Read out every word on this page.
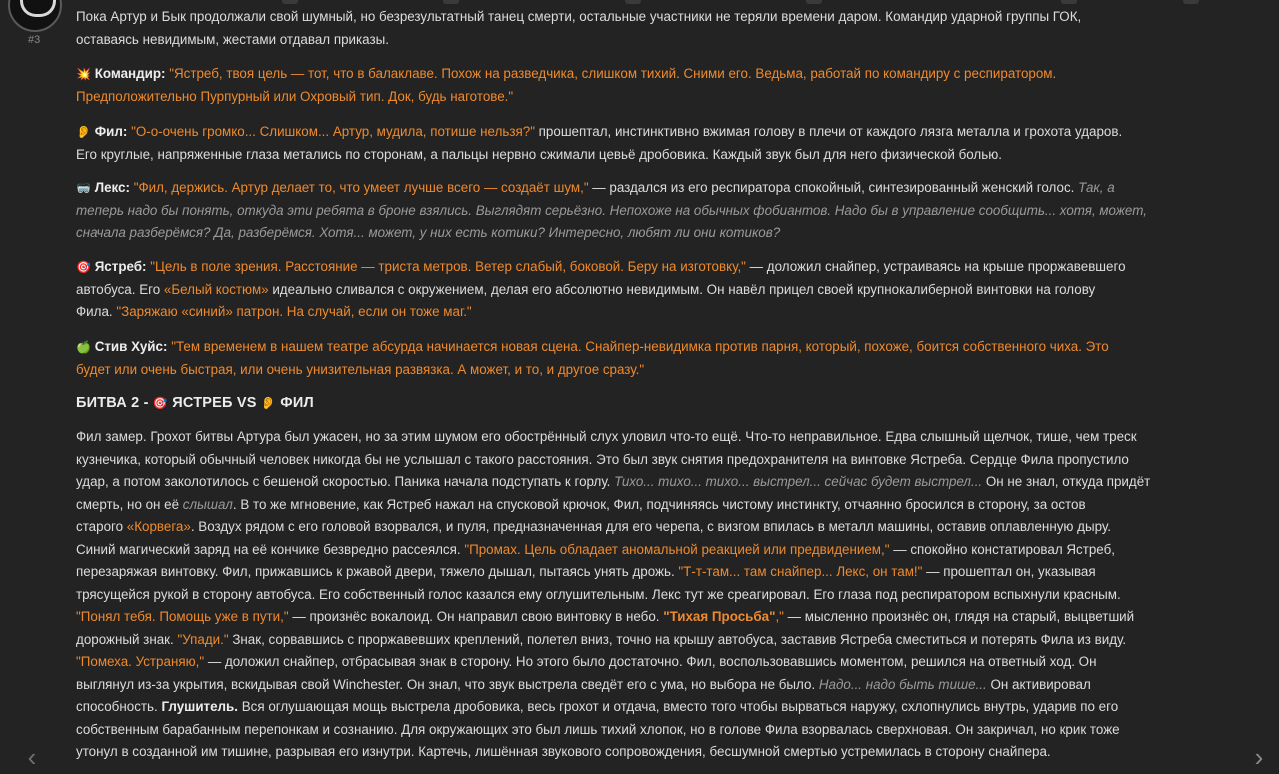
#3
Пока Артур и Бык продолжали свой шумный, но безрезультатный танец смерти, остальные участники не теряли времени даром. Командир ударной группы ГОК,
оставаясь невидимым, жестами отдавал приказы.
💥 Командир: "Ястреб, твоя цель — тот, что в балаклаве. Похож на разведчика, слишком тихий. Сними его. Ведьма, работай по командиру с респиратором.
Предположительно Пурпурный или Охровый тип. Док, будь наготове."
👂 Фил: "О-о-очень громко... Слишком... Артур, мудила, потише нельзя?" прошептал, инстинктивно вжимая голову в плечи от каждого лязга металла и грохота ударов.
Его круглые, напряженные глаза метались по сторонам, а пальцы нервно сжимали цевьё дробовика. Каждый звук был для него физической болью.
🥽 Лекс: "Фил, держись. Артур делает то, что умеет лучше всего — создаёт шум," — раздался из его респиратора спокойный, синтезированный женский голос. Так, а
теперь надо бы понять, откуда эти ребята в броне взялись. Выглядят серьёзно. Непохоже на обычных фобиантов. Надо бы в управление сообщить... хотя, может,
сначала разберёмся? Да, разберёмся. Хотя... может, у них есть котики? Интересно, любят ли они котиков?
🎯 Ястреб: "Цель в поле зрения. Расстояние — триста метров. Ветер слабый, боковой. Беру на изготовку," — доложил снайпер, устраиваясь на крыше проржавевшего
автобуса. Его «Белый костюм» идеально сливался с окружением, делая его абсолютно невидимым. Он навёл прицел своей крупнокалиберной винтовки на голову
Фила. "Заряжаю «синий» патрон. На случай, если он тоже маг."
🍏 Стив Хуйс: "Тем временем в нашем театре абсурда начинается новая сцена. Снайпер-невидимка против парня, который, похоже, боится собственного чиха. Это
будет или очень быстрая, или очень унизительная развязка. А может, и то, и другое сразу."
БИТВА 2 - 🎯 ЯСТРЕБ VS 👂 ФИЛ
Фил замер. Грохот битвы Артура был ужасен, но за этим шумом его обострённый слух уловил что-то ещё. Что-то неправильное. Едва слышный щелчок, тише, чем треск
кузнечика, который обычный человек никогда бы не услышал с такого расстояния. Это был звук снятия предохранителя на винтовке Ястреба. Сердце Фила пропустило
удар, а потом заколотилось с бешеной скоростью. Паника начала подступать к горлу. Тихо... тихо... тихо... выстрел... сейчас будет выстрел... Он не знал, откуда придёт
смерть, но он её слышал. В то же мгновение, как Ястреб нажал на спусковой крючок, Фил, подчиняясь чистому инстинкту, отчаянно бросился в сторону, за остов
старого «Корвега». Воздух рядом с его головой взорвался, и пуля, предназначенная для его черепа, с визгом впилась в металл машины, оставив оплавленную дыру.
Синий магический заряд на её кончике безвредно рассеялся. "Промах. Цель обладает аномальной реакцией или предвидением," — спокойно констатировал Ястреб,
перезаряжая винтовку. Фил, прижавшись к ржавой двери, тяжело дышал, пытаясь унять дрожь. "Т-т-там... там снайпер... Лекс, он там!" — прошептал он, указывая
трясущейся рукой в сторону автобуса. Его собственный голос казался ему оглушительным. Лекс тут же среагировал. Его глаза под респиратором вспыхнули красным.
"Понял тебя. Помощь уже в пути," — произнёс вокалоид. Он направил свою винтовку в небо. "Тихая Просьба"," — мысленно произнёс он, глядя на старый, выцветший
дорожный знак. "Упади." Знак, сорвавшись с проржавевших креплений, полетел вниз, точно на крышу автобуса, заставив Ястреба сместиться и потерять Фила из виду.
"Помеха. Устраняю," — доложил снайпер, отбрасывая знак в сторону. Но этого было достаточно. Фил, воспользовавшись моментом, решился на ответный ход. Он
выглянул из-за укрытия, вскидывая свой Winchester. Он знал, что звук выстрела сведёт его с ума, но выбора не было. Надо... надо быть тише... Он активировал
способность. Глушитель. Вся оглушающая мощь выстрела дробовика, весь грохот и отдача, вместо того чтобы вырваться наружу, схлопнулись внутрь, ударив по его
собственным барабанным перепонкам и сознанию. Для окружающих это был лишь тихий хлопок, но в голове Фила взорвалась сверхновая. Он закричал, но крик тоже
утонул в созданной им тишине, разрывая его изнутри. Картечь, лишённая звукового сопровождения, бесшумной смертью устремилась в сторону снайпера.
‹	›
